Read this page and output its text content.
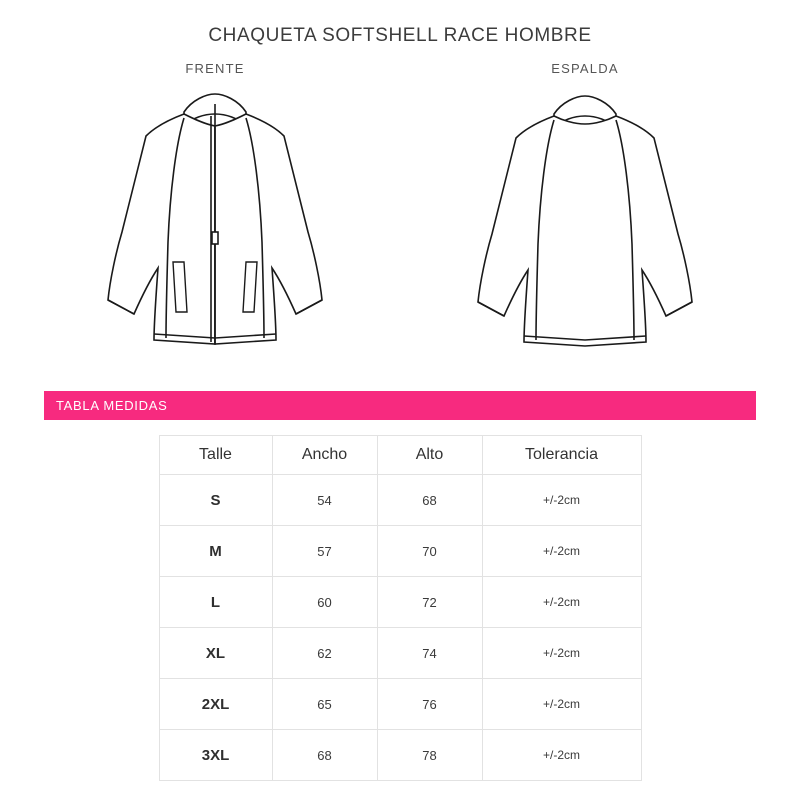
CHAQUETA SOFTSHELL RACE HOMBRE
FRENTE	ESPALDA
TABLA MEDIDAS
Talle	Ancho	Alto	Tolerancia
S	54	68	+/-2cm
M	57	70	+/-2cm
L	60	72	+/-2cm
XL	62	74	+/-2cm
2XL	65	76	+/-2cm
3XL	68	78	+/-2cm
